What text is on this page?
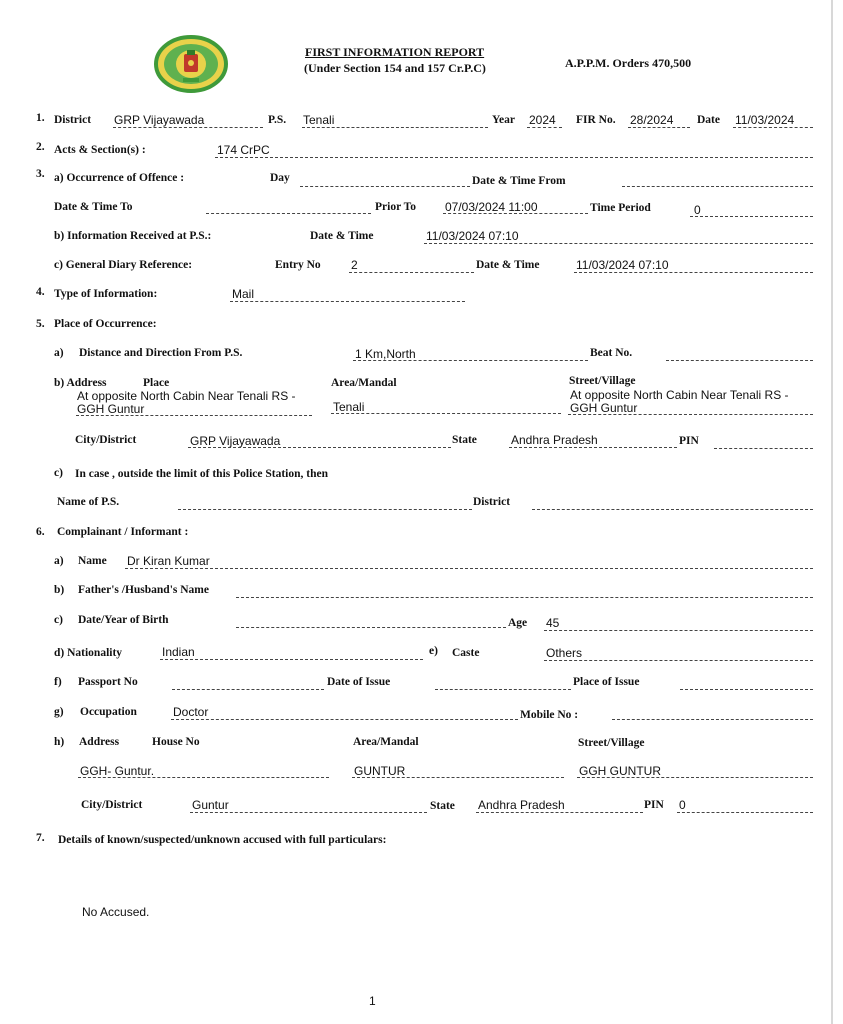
FIRST INFORMATION REPORT
(Under Section 154 and 157 Cr.P.C)	A.P.P.M. Orders 470,500
1. District GRP Vijayawada	P.S. Tenali	Year 2024 FIR No. 28/2024 Date 11/03/2024
2. Acts & Section(s) :	174 CrPC
3. a) Occurrence of Offence :	Day	Date & Time From
Date & Time To	Prior To 07/03/2024 11:00	Time Period	0
b) Information Received at P.S.:	Date & Time	11/03/2024 07:10
c) General Diary Reference:	Entry No	2	Date & Time	11/03/2024 07:10
4. Type of Information:	Mail
5. Place of Occurrence:
a) Distance and Direction From P.S.	1 Km,North	Beat No.
b) Address	Place
At opposite North Cabin Near Tenali RS -
GGH Guntur
Area/Mandal
Tenali
Street/Village
At opposite North Cabin Near Tenali RS -
GGH Guntur
City/District	GRP Vijayawada	State	Andhra Pradesh	PIN
c) In case , outside the limit of this Police Station, then
Name of P.S.	District
6. Complainant / Informant :
a) Name Dr Kiran Kumar
b) Father's /Husband's Name
c) Date/Year of Birth	Age 45
d) Nationality	Indian	e) Caste	Others
f) Passport No	Date of Issue	Place of Issue
g) Occupation	Doctor	Mobile No :
h) Address	House No	Area/Mandal	Street/Village
GGH- Guntur.	GUNTUR	GGH GUNTUR
City/District	Guntur	State Andhra Pradesh	PIN 0
7. Details of known/suspected/unknown accused with full particulars:
No Accused.
1
